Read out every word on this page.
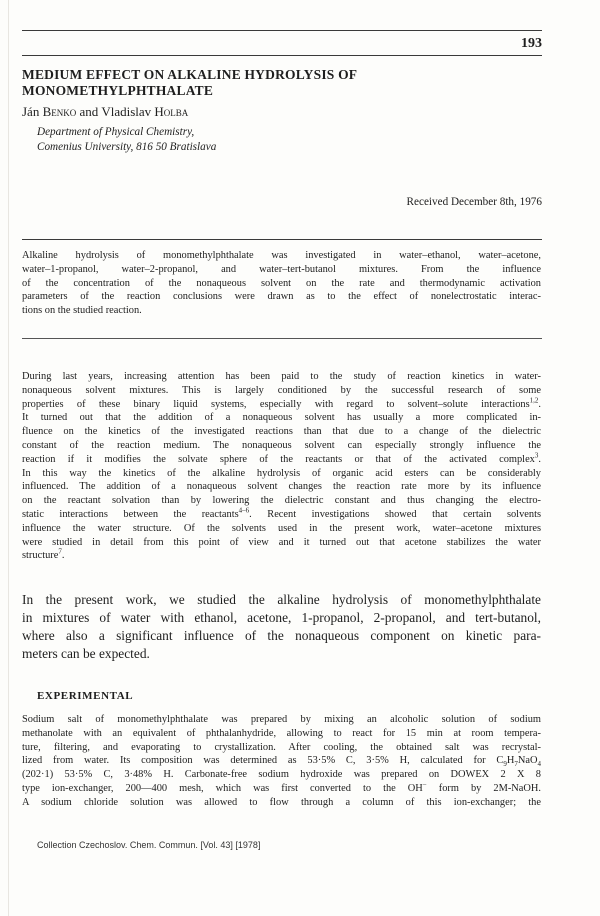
193
MEDIUM EFFECT ON ALKALINE HYDROLYSIS OF MONOMETHYLPHTHALATE
Ján Benko and Vladislav Holba
Department of Physical Chemistry,
Comenius University, 816 50 Bratislava
Received December 8th, 1976
Alkaline hydrolysis of monomethylphthalate was investigated in water–ethanol, water–acetone,
water–1-propanol, water–2-propanol, and water–tert-butanol mixtures. From the influence
of the concentration of the nonaqueous solvent on the rate and thermodynamic activation
parameters of the reaction conclusions were drawn as to the effect of nonelectrostatic interac-
tions on the studied reaction.
During last years, increasing attention has been paid to the study of reaction kinetics in water-
nonaqueous solvent mixtures. This is largely conditioned by the successful research of some
properties of these binary liquid systems, especially with regard to solvent–solute interactions$^{1,2}$.
It turned out that the addition of a nonaqueous solvent has usually a more complicated in-
fluence on the kinetics of the investigated reactions than that due to a change of the dielectric
constant of the reaction medium. The nonaqueous solvent can especially strongly influence the
reaction if it modifies the solvate sphere of the reactants or that of the activated complex$^3$.
In this way the kinetics of the alkaline hydrolysis of organic acid esters can be considerably
influenced. The addition of a nonaqueous solvent changes the reaction rate more by its influence
on the reactant solvation than by lowering the dielectric constant and thus changing the electro-
static interactions between the reactants$^{4-6}$. Recent investigations showed that certain solvents
influence the water structure. Of the solvents used in the present work, water–acetone mixtures
were studied in detail from this point of view and it turned out that acetone stabilizes the water
structure$^7$.
In the present work, we studied the alkaline hydrolysis of monomethylphthalate
in mixtures of water with ethanol, acetone, 1-propanol, 2-propanol, and tert-butanol,
where also a significant influence of the nonaqueous component on kinetic para-
meters can be expected.
EXPERIMENTAL
Sodium salt of monomethylphthalate was prepared by mixing an alcoholic solution of sodium
methanolate with an equivalent of phthalanhydride, allowing to react for 15 min at room tempera-
ture, filtering, and evaporating to crystallization. After cooling, the obtained salt was recrystal-
lized from water. Its composition was determined as 53·5% C, 3·5% H, calculated for $C_9H_7NaO_4$
(202·1) 53·5% C, 3·48% H. Carbonate-free sodium hydroxide was prepared on DOWEX 2 X 8
type ion-exchanger, 200—400 mesh, which was first converted to the OH− form by 2M-NaOH.
A sodium chloride solution was allowed to flow through a column of this ion-exchanger; the
Collection Czechoslov. Chem. Commun. [Vol. 43] [1978]
